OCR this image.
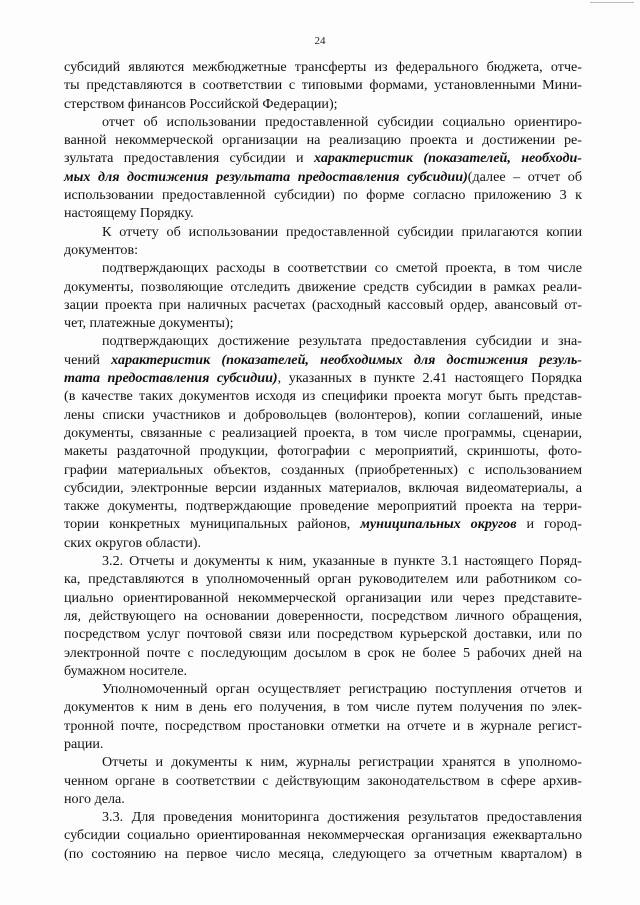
24
субсидий являются межбюджетные трансферты из федерального бюджета, отче-
ты представляются в соответствии с типовыми формами, установленными Мини-
стерством финансов Российской Федерации);
отчет об использовании предоставленной субсидии социально ориентиро-
ванной некоммерческой организации на реализацию проекта и достижении ре-
зультата предоставления субсидии и характеристик (показателей, необходи-
мых для достижения результата предоставления субсидии)(далее – отчет об
использовании предоставленной субсидии) по форме согласно приложению 3 к
настоящему Порядку.
К отчету об использовании предоставленной субсидии прилагаются копии
документов:
подтверждающих расходы в соответствии со сметой проекта, в том числе
документы, позволяющие отследить движение средств субсидии в рамках реали-
зации проекта при наличных расчетах (расходный кассовый ордер, авансовый от-
чет, платежные документы);
подтверждающих достижение результата предоставления субсидии и зна-
чений характеристик (показателей, необходимых для достижения резуль-
тата предоставления субсидии), указанных в пункте 2.41 настоящего Порядка
(в качестве таких документов исходя из специфики проекта могут быть представ-
лены списки участников и добровольцев (волонтеров), копии соглашений, иные
документы, связанные с реализацией проекта, в том числе программы, сценарии,
макеты раздаточной продукции, фотографии с мероприятий, скриншоты, фото-
графии материальных объектов, созданных (приобретенных) с использованием
субсидии, электронные версии изданных материалов, включая видеоматериалы, а
также документы, подтверждающие проведение мероприятий проекта на терри-
тории конкретных муниципальных районов, муниципальных округов и город-
ских округов области).
3.2. Отчеты и документы к ним, указанные в пункте 3.1 настоящего Поряд-
ка, представляются в уполномоченный орган руководителем или работником со-
циально ориентированной некоммерческой организации или через представите-
ля, действующего на основании доверенности, посредством личного обращения,
посредством услуг почтовой связи или посредством курьерской доставки, или по
электронной почте с последующим досылом в срок не более 5 рабочих дней на
бумажном носителе.
Уполномоченный орган осуществляет регистрацию поступления отчетов и
документов к ним в день его получения, в том числе путем получения по элек-
тронной почте, посредством простановки отметки на отчете и в журнале регист-
рации.
Отчеты и документы к ним, журналы регистрации хранятся в уполномо-
ченном органе в соответствии с действующим законодательством в сфере архив-
ного дела.
3.3. Для проведения мониторинга достижения результатов предоставления
субсидии социально ориентированная некоммерческая организация ежеквартально
(по состоянию на первое число месяца, следующего за отчетным кварталом) в
